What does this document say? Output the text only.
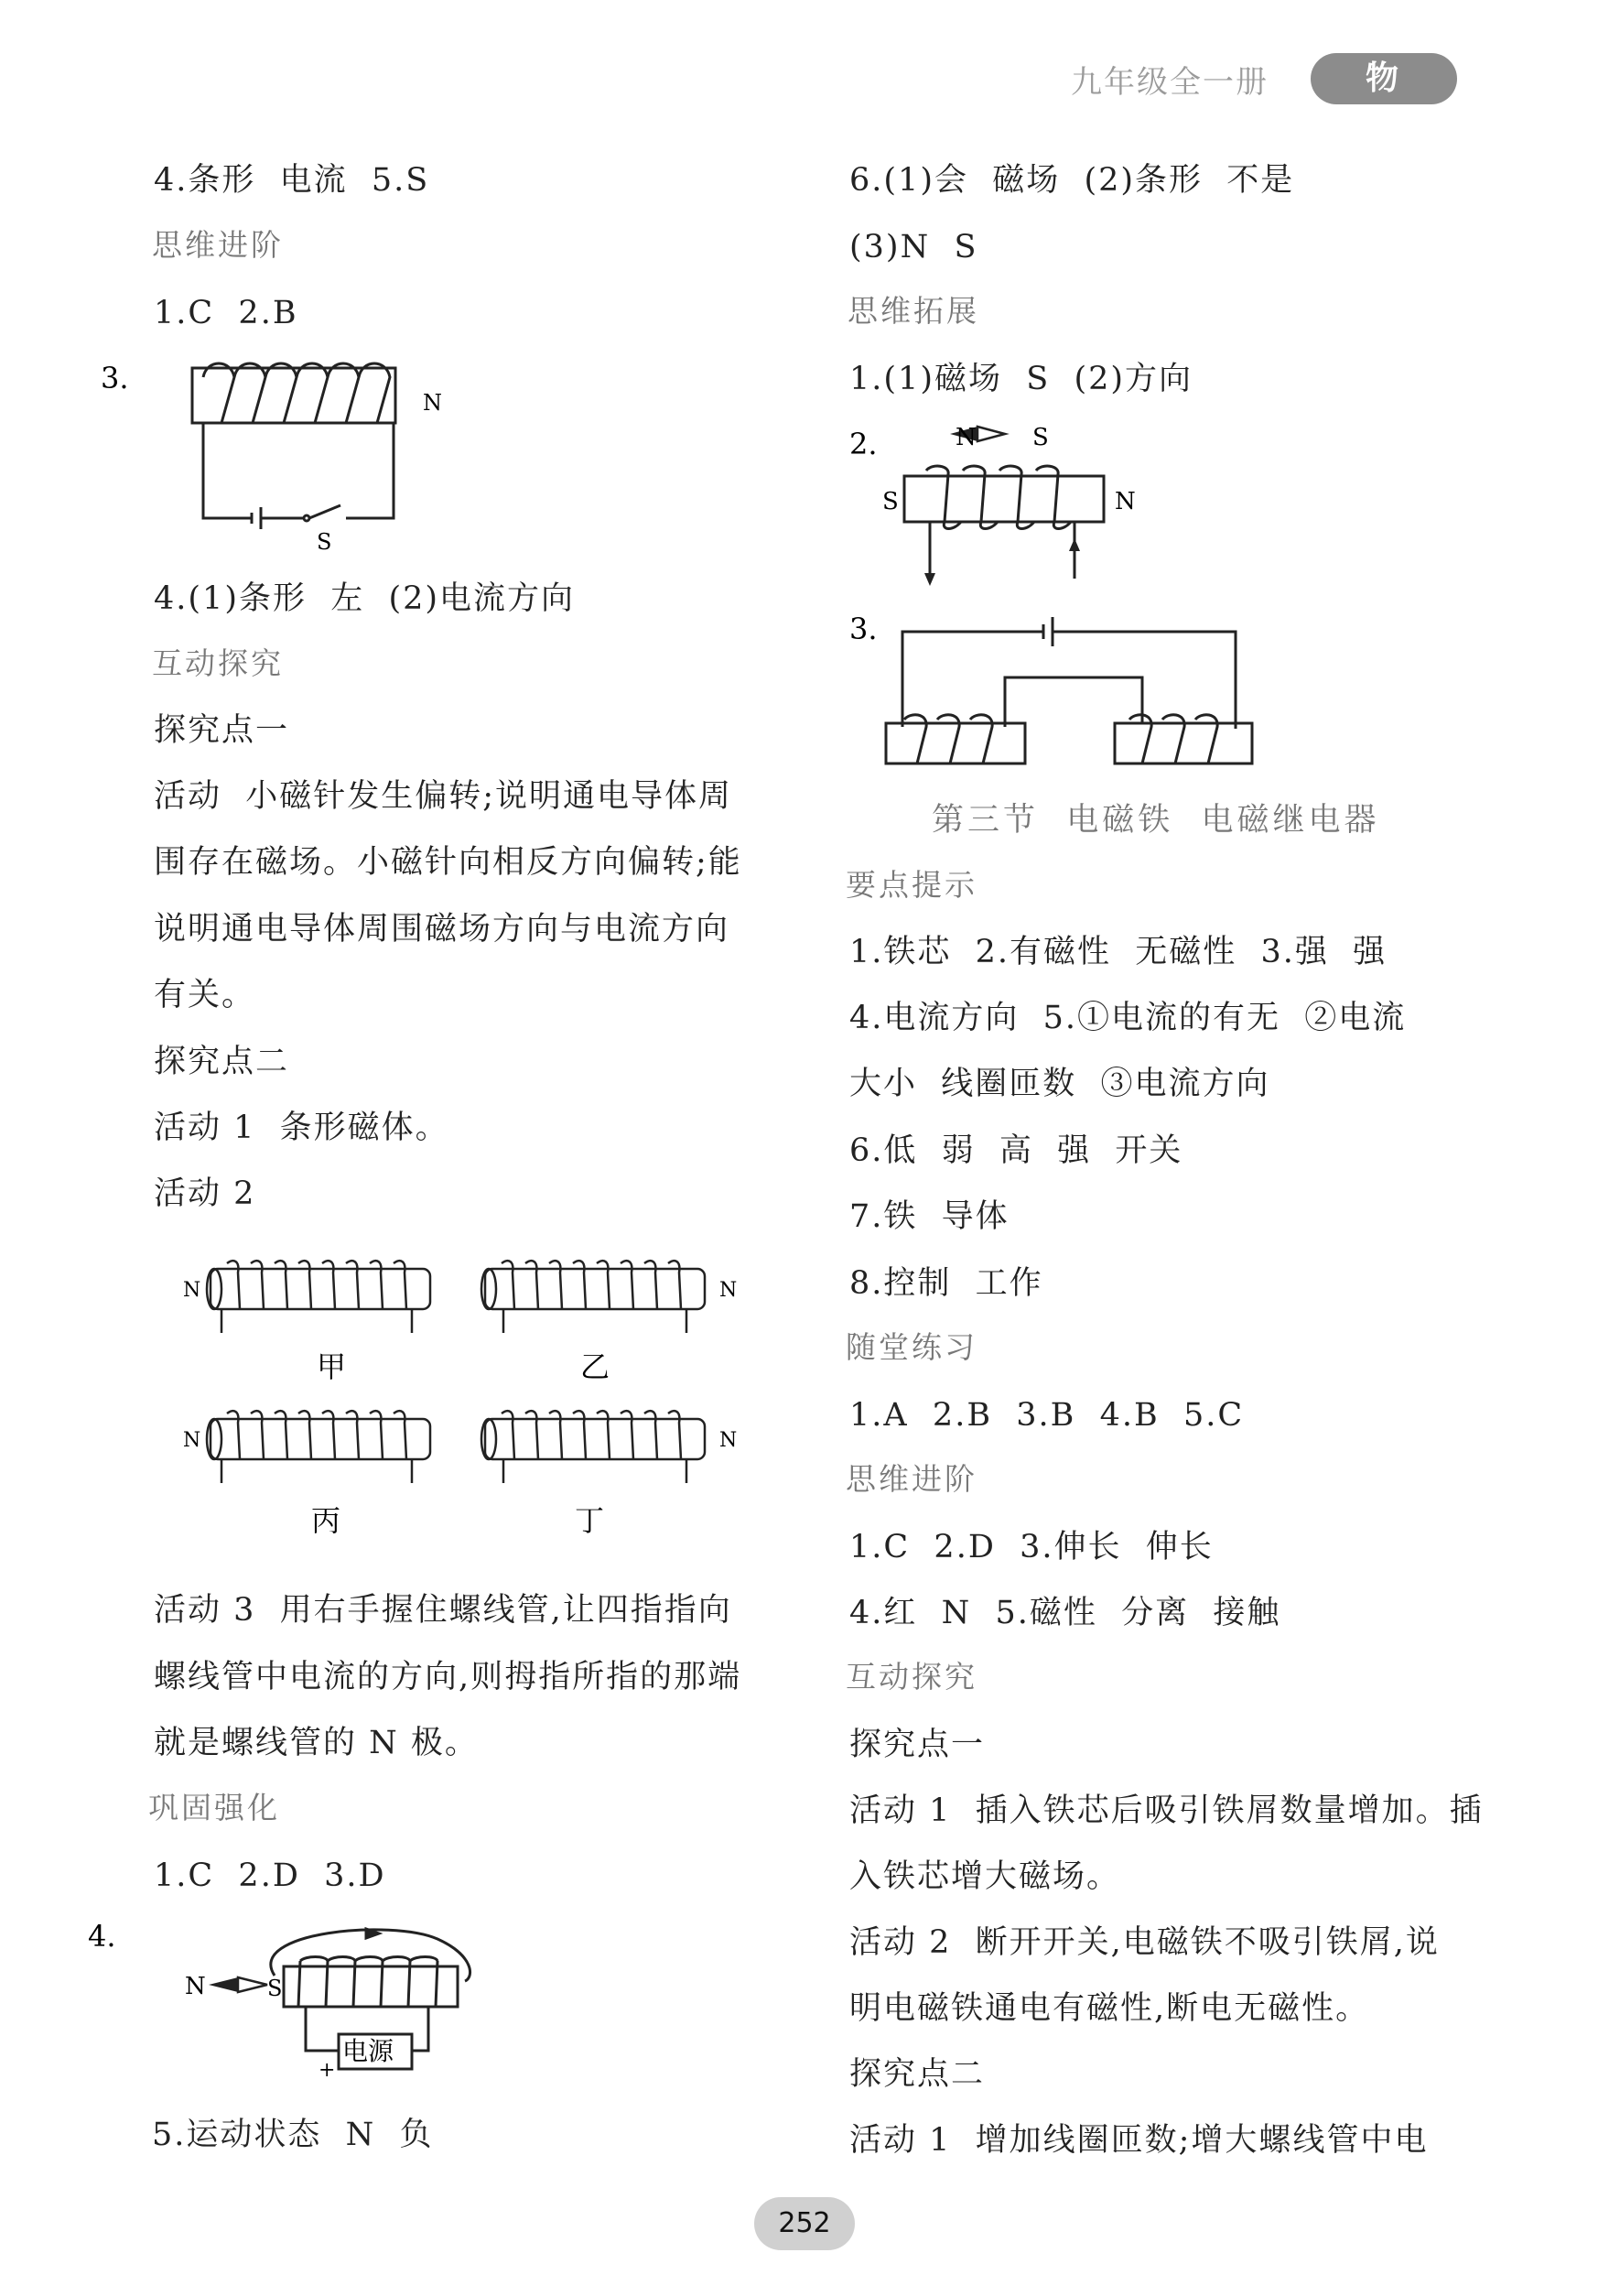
九年级全一册	物 理
4.条形  电流  5.S
思维进阶
1.C  2.B
4.(1)条形  左  (2)电流方向
互动探究
探究点一
活动  小磁针发生偏转;说明通电导体周
围存在磁场。小磁针向相反方向偏转;能
说明通电导体周围磁场方向与电流方向
有关。
探究点二
活动 1  条形磁体。
活动 2
活动 3  用右手握住螺线管,让四指指向
螺线管中电流的方向,则拇指所指的那端
就是螺线管的 N 极。
巩固强化
1.C  2.D  3.D
5.运动状态  N  负
6.(1)会  磁场  (2)条形  不是
(3)N  S
思维拓展
1.(1)磁场  S  (2)方向
第三节  电磁铁  电磁继电器
要点提示
1.铁芯  2.有磁性  无磁性  3.强  强
4.电流方向  5.①电流的有无  ②电流
大小  线圈匝数  ③电流方向
6.低  弱  高  强  开关
7.铁  导体
8.控制  工作
随堂练习
1.A  2.B  3.B  4.B  5.C
思维进阶
1.C  2.D  3.伸长  伸长
4.红  N  5.磁性  分离  接触
互动探究
探究点一
活动 1  插入铁芯后吸引铁屑数量增加。插
入铁芯增大磁场。
活动 2  断开开关,电磁铁不吸引铁屑,说
明电磁铁通电有磁性,断电无磁性。
探究点二
活动 1  增加线圈匝数;增大螺线管中电
3.
N
S
N	N
N	N
甲	乙
丙	丁
4.
N	S
电源
+
2.	N S
S	N
3.
252
